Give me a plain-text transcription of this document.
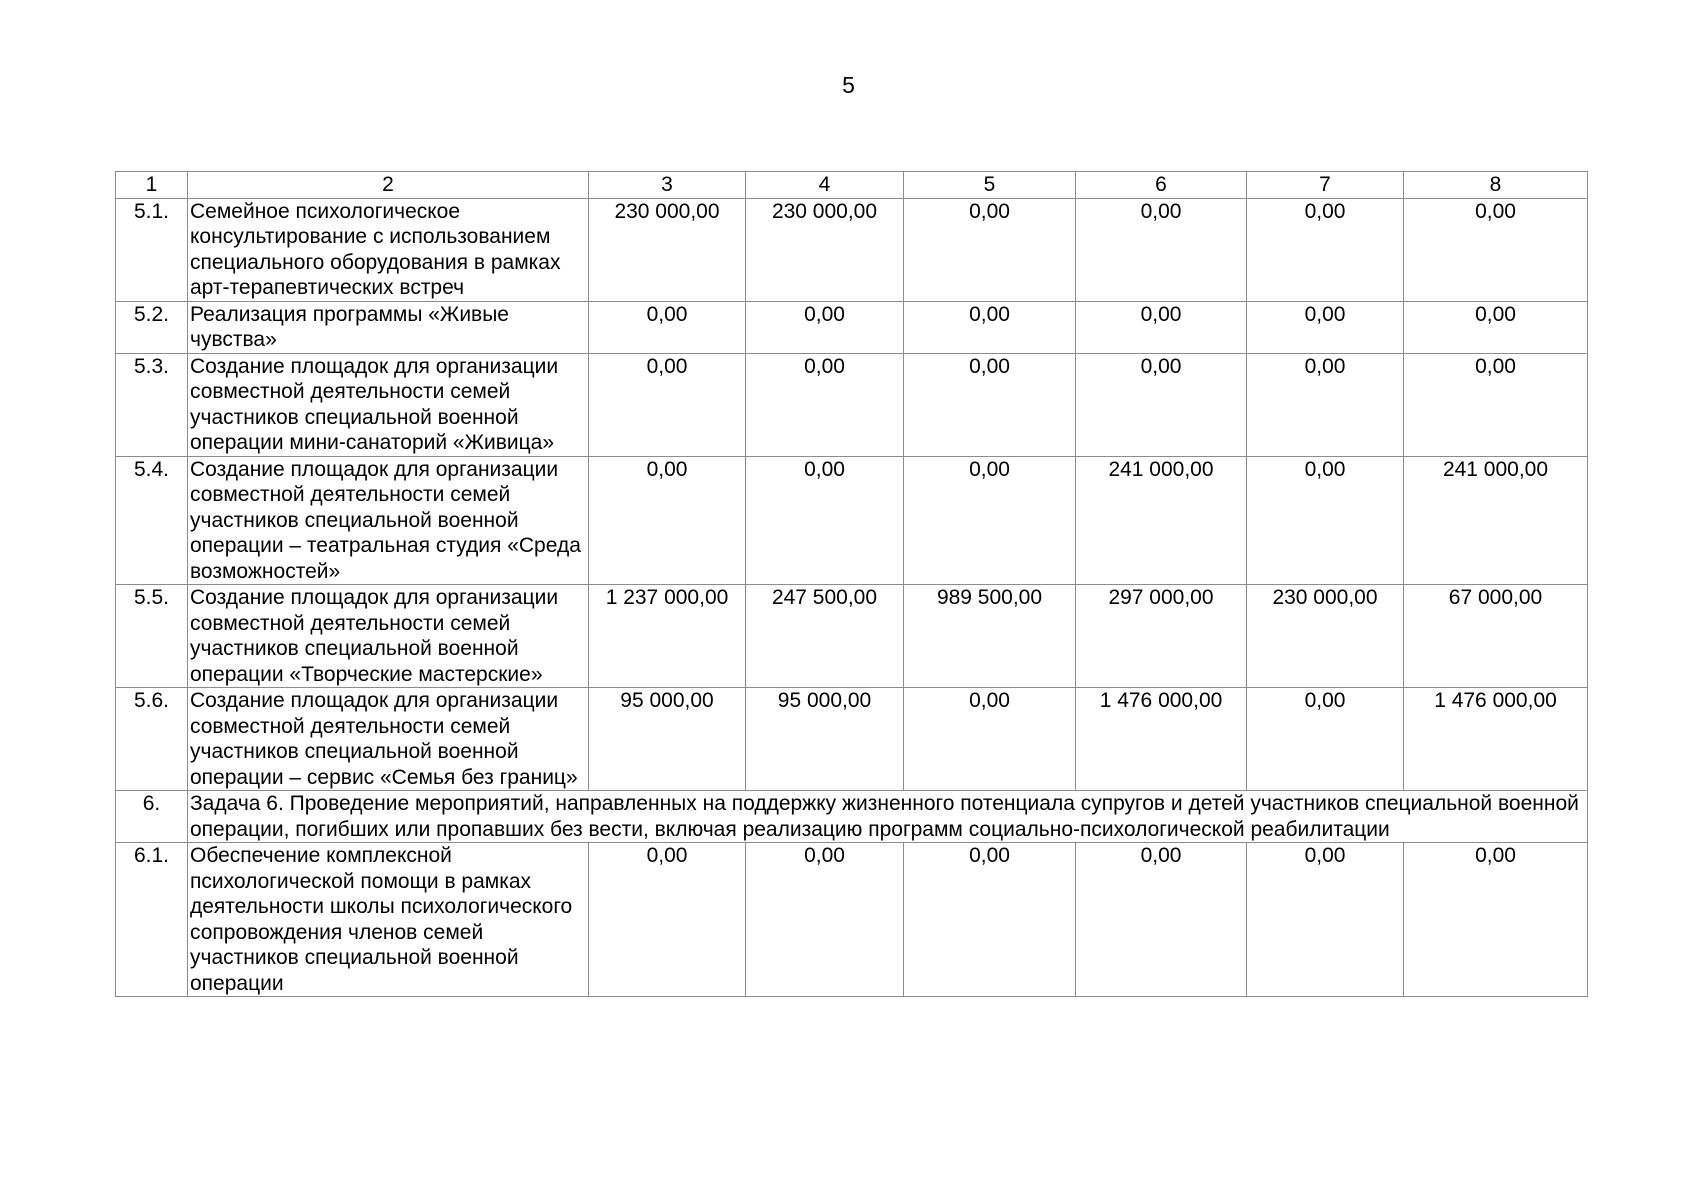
5
1	2	3	4	5	6	7	8
5.1.	Семейное психологическое консультирование с использованием специального оборудования в рамках арт-терапевтических встреч	230 000,00	230 000,00	0,00	0,00	0,00	0,00
5.2.	Реализация программы «Живые чувства»	0,00	0,00	0,00	0,00	0,00	0,00
5.3.	Создание площадок для организации совместной деятельности семей участников специальной военной операции мини-санаторий «Живица»	0,00	0,00	0,00	0,00	0,00	0,00
5.4.	Создание площадок для организации совместной деятельности семей участников специальной военной операции – театральная студия «Среда возможностей»	0,00	0,00	0,00	241 000,00	0,00	241 000,00
5.5.	Создание площадок для организации совместной деятельности семей участников специальной военной операции «Творческие мастерские»	1 237 000,00	247 500,00	989 500,00	297 000,00	230 000,00	67 000,00
5.6.	Создание площадок для организации совместной деятельности семей участников специальной военной операции – сервис «Семья без границ»	95 000,00	95 000,00	0,00	1 476 000,00	0,00	1 476 000,00
6.	Задача 6. Проведение мероприятий, направленных на поддержку жизненного потенциала супругов и детей участников специальной военной операции, погибших или пропавших без вести, включая реализацию программ социально-психологической реабилитации						
6.1.	Обеспечение комплексной психологической помощи в рамках деятельности школы психологического сопровождения членов семей участников специальной военной операции	0,00	0,00	0,00	0,00	0,00	0,00
